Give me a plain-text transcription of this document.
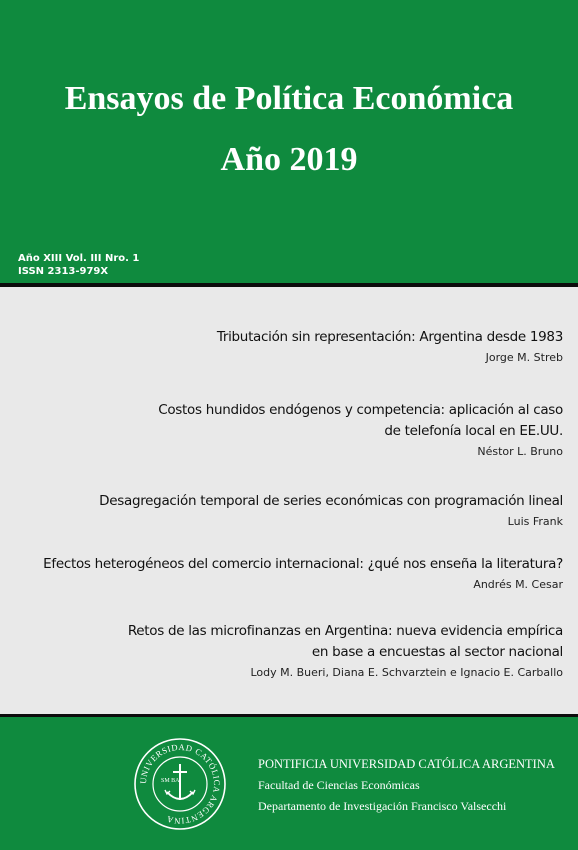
Ensayos de Política Económica
Año 2019
Año XIII Vol. III Nro. 1
ISSN 2313-979X

Tributación sin representación: Argentina desde 1983

Jorge M. Streb

Costos hundidos endógenos y competencia: aplicación al caso

de telefonía local en EE.UU.

Néstor L. Bruno

Desagregación temporal de series económicas con programación lineal

Luis Frank

Efectos heterogéneos del comercio internacional: ¿qué nos enseña la literatura?

Andrés M. Cesar

Retos de las microfinanzas en Argentina: nueva evidencia empírica

en base a encuestas al sector nacional

Lody M. Bueri, Diana E. Schvarztein e Ignacio E. Carballo

UNIVERSIDAD CATÓLICA ARGENTINA
SM BA
PONTIFICIA UNIVERSIDAD CATÓLICA ARGENTINA
Facultad de Ciencias Económicas
Departamento de Investigación Francisco Valsecchi
